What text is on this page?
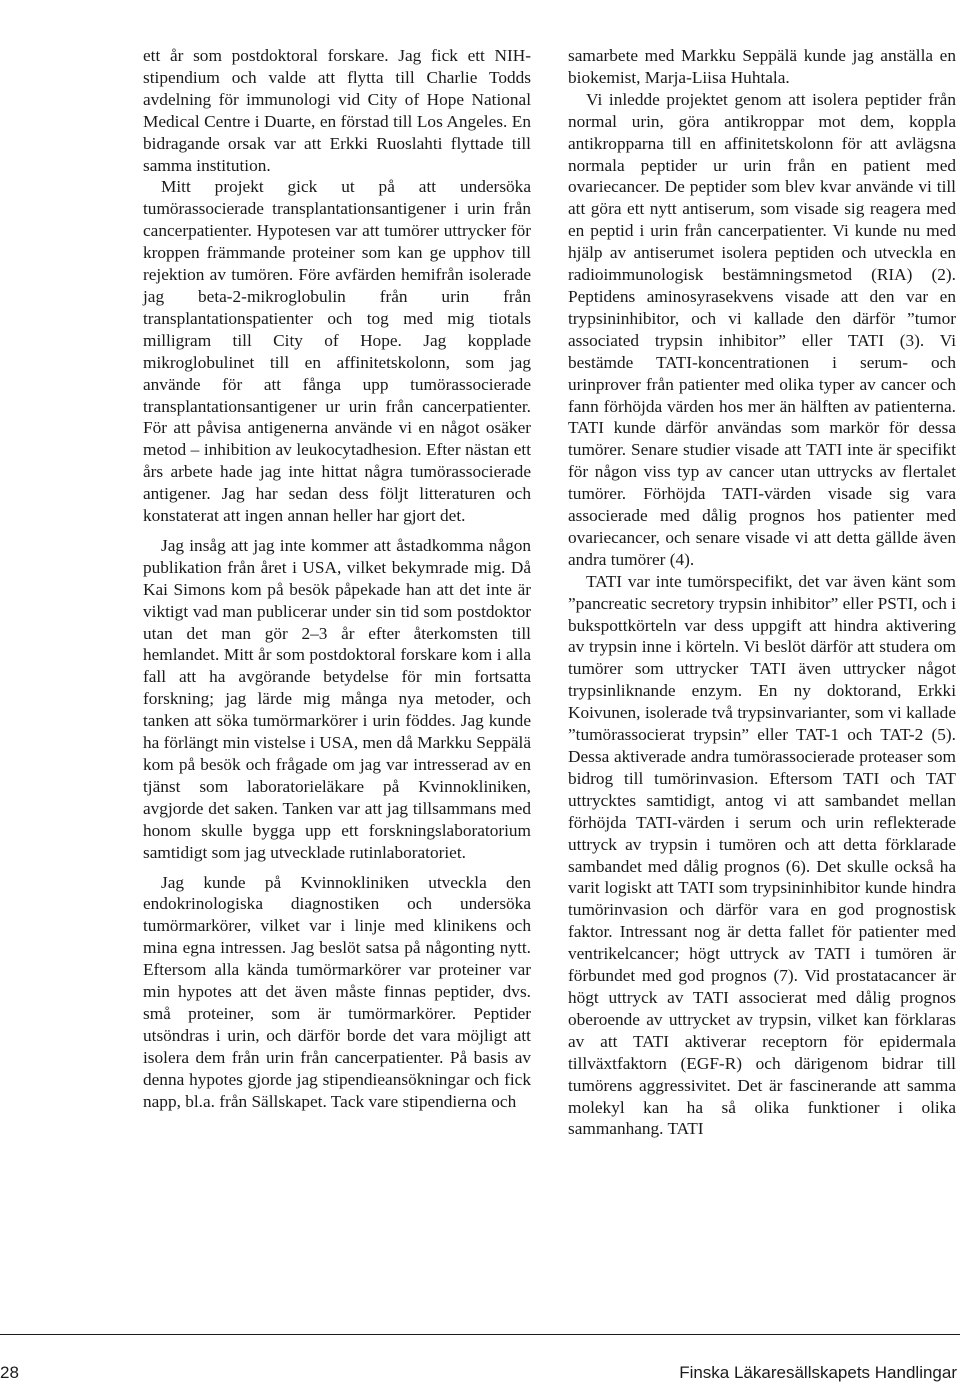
ett år som postdoktoral forskare. Jag fick ett NIH-stipendium och valde att flytta till Charlie Todds avdelning för immunologi vid City of Hope National Medical Centre i Duarte, en förstad till Los Angeles. En bidragande orsak var att Erkki Ruoslahti flyttade till samma institution.

Mitt projekt gick ut på att undersöka tumörassocierade transplantationsantigener i urin från cancerpatienter. Hypotesen var att tumörer uttrycker för kroppen främmande proteiner som kan ge upphov till rejektion av tumören. Före avfärden hemifrån isolerade jag beta-2-mikroglobulin från urin från transplantationspatienter och tog med mig tiotals milligram till City of Hope. Jag kopplade mikroglobulinet till en affinitetskolonn, som jag använde för att fånga upp tumörassocierade transplantationsantigener ur urin från cancerpatienter. För att påvisa antigenerna använde vi en något osäker metod – inhibition av leukocytadhesion. Efter nästan ett års arbete hade jag inte hittat några tumörassocierade antigener. Jag har sedan dess följt litteraturen och konstaterat att ingen annan heller har gjort det.

Jag insåg att jag inte kommer att åstadkomma någon publikation från året i USA, vilket bekymrade mig. Då Kai Simons kom på besök påpekade han att det inte är viktigt vad man publicerar under sin tid som postdoktor utan det man gör 2–3 år efter återkomsten till hemlandet. Mitt år som postdoktoral forskare kom i alla fall att ha avgörande betydelse för min fortsatta forskning; jag lärde mig många nya metoder, och tanken att söka tumörmarkörer i urin föddes. Jag kunde ha förlängt min vistelse i USA, men då Markku Seppälä kom på besök och frågade om jag var intresserad av en tjänst som laboratorieläkare på Kvinnokliniken, avgjorde det saken. Tanken var att jag tillsammans med honom skulle bygga upp ett forskningslaboratorium samtidigt som jag utvecklade rutinlaboratoriet.

Jag kunde på Kvinnokliniken utveckla den endokrinologiska diagnostiken och undersöka tumörmarkörer, vilket var i linje med klinikens och mina egna intressen. Jag beslöt satsa på någonting nytt. Eftersom alla kända tumörmarkörer var proteiner var min hypotes att det även måste finnas peptider, dvs. små proteiner, som är tumörmarkörer. Peptider utsöndras i urin, och därför borde det vara möjligt att isolera dem från urin från cancerpatienter. På basis av denna hypotes gjorde jag stipendieansökningar och fick napp, bl.a. från Sällskapet. Tack vare stipendierna och

samarbete med Markku Seppälä kunde jag anställa en biokemist, Marja-Liisa Huhtala.

Vi inledde projektet genom att isolera peptider från normal urin, göra antikroppar mot dem, koppla antikropparna till en affinitetskolonn för att avlägsna normala peptider ur urin från en patient med ovariecancer. De peptider som blev kvar använde vi till att göra ett nytt antiserum, som visade sig reagera med en peptid i urin från cancerpatienter. Vi kunde nu med hjälp av antiserumet isolera peptiden och utveckla en radioimmunologisk bestämningsmetod (RIA) (2). Peptidens aminosyrasekvens visade att den var en trypsininhibitor, och vi kallade den därför ”tumor associated trypsin inhibitor” eller TATI (3). Vi bestämde TATI-koncentrationen i serum- och urinprover från patienter med olika typer av cancer och fann förhöjda värden hos mer än hälften av patienterna. TATI kunde därför användas som markör för dessa tumörer. Senare studier visade att TATI inte är specifikt för någon viss typ av cancer utan uttrycks av flertalet tumörer. Förhöjda TATI-värden visade sig vara associerade med dålig prognos hos patienter med ovariecancer, och senare visade vi att detta gällde även andra tumörer (4).

TATI var inte tumörspecifikt, det var även känt som ”pancreatic secretory trypsin inhibitor” eller PSTI, och i bukspottkörteln var dess uppgift att hindra aktivering av trypsin inne i körteln. Vi beslöt därför att studera om tumörer som uttrycker TATI även uttrycker något trypsinliknande enzym. En ny doktorand, Erkki Koivunen, isolerade två trypsinvarianter, som vi kallade ”tumörassocierat trypsin” eller TAT-1 och TAT-2 (5). Dessa aktiverade andra tumörassocierade proteaser som bidrog till tumörinvasion. Eftersom TATI och TAT uttrycktes samtidigt, antog vi att sambandet mellan förhöjda TATI-värden i serum och urin reflekterade uttryck av trypsin i tumören och att detta förklarade sambandet med dålig prognos (6). Det skulle också ha varit logiskt att TATI som trypsininhibitor kunde hindra tumörinvasion och därför vara en god prognostisk faktor. Intressant nog är detta fallet för patienter med ventrikelcancer; högt uttryck av TATI i tumören är förbundet med god prognos (7). Vid prostatacancer är högt uttryck av TATI associerat med dålig prognos oberoende av uttrycket av trypsin, vilket kan förklaras av att TATI aktiverar receptorn för epidermala tillväxtfaktorn (EGF-R) och därigenom bidrar till tumörens aggressivitet. Det är fascinerande att samma molekyl kan ha så olika funktioner i olika sammanhang. TATI

28	Finska Läkaresällskapets Handlingar
